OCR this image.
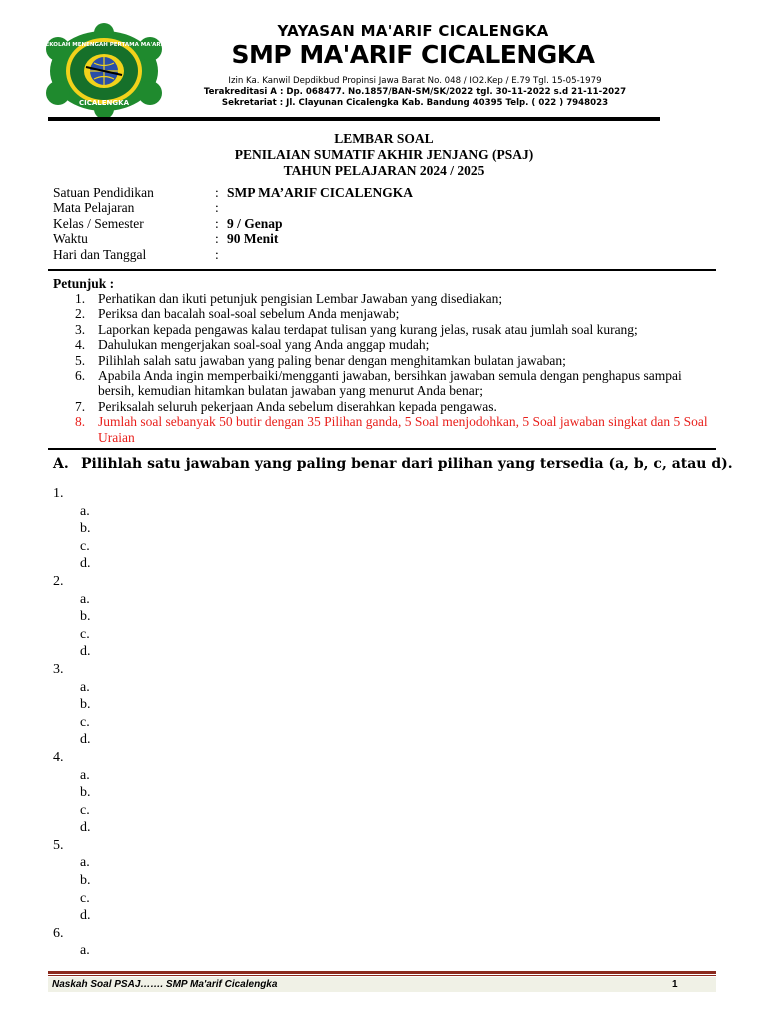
SEKOLAH MENENGAH PERTAMA MA'ARIF
CICALENGKA
YAYASAN MA'ARIF CICALENGKA
SMP MA'ARIF CICALENGKA
Izin Ka. Kanwil Depdikbud Propinsi Jawa Barat No. 048 / IO2.Kep / E.79 Tgl. 15-05-1979
Terakreditasi A : Dp. 068477. No.1857/BAN-SM/SK/2022 tgl. 30-11-2022 s.d 21-11-2027
Sekretariat : Jl. Clayunan Cicalengka Kab. Bandung 40395 Telp. ( 022 ) 7948023
LEMBAR SOAL
PENILAIAN SUMATIF AKHIR JENJANG (PSAJ)
TAHUN PELAJARAN 2024 / 2025
Satuan Pendidikan	: SMP MA’ARIF CICALENGKA
Mata Pelajaran	:
Kelas / Semester	: 9 / Genap
Waktu	: 90 Menit
Hari dan Tanggal	:
Petunjuk :
1. Perhatikan dan ikuti petunjuk pengisian Lembar Jawaban yang disediakan;
2. Periksa dan bacalah soal-soal sebelum Anda menjawab;
3. Laporkan kepada pengawas kalau terdapat tulisan yang kurang jelas, rusak atau jumlah soal kurang;
4. Dahulukan mengerjakan soal-soal yang Anda anggap mudah;
5. Pilihlah salah satu jawaban yang paling benar dengan menghitamkan bulatan jawaban;
6. Apabila Anda ingin memperbaiki/mengganti jawaban, bersihkan jawaban semula dengan penghapus sampai bersih, kemudian hitamkan bulatan jawaban yang menurut Anda benar;
7. Periksalah seluruh pekerjaan Anda sebelum diserahkan kepada pengawas.
8. Jumlah soal sebanyak 50 butir dengan 35 Pilihan ganda, 5 Soal menjodohkan, 5 Soal jawaban singkat dan 5 Soal Uraian
A. Pilihlah satu jawaban yang paling benar dari pilihan yang tersedia (a, b, c, atau d).
1.
a.
b.
c.
d.
2.
a.
b.
c.
d.
3.
a.
b.
c.
d.
4.
a.
b.
c.
d.
5.
a.
b.
c.
d.
6.
a.
Naskah Soal PSAJ……. SMP Ma'arif Cicalengka	1
